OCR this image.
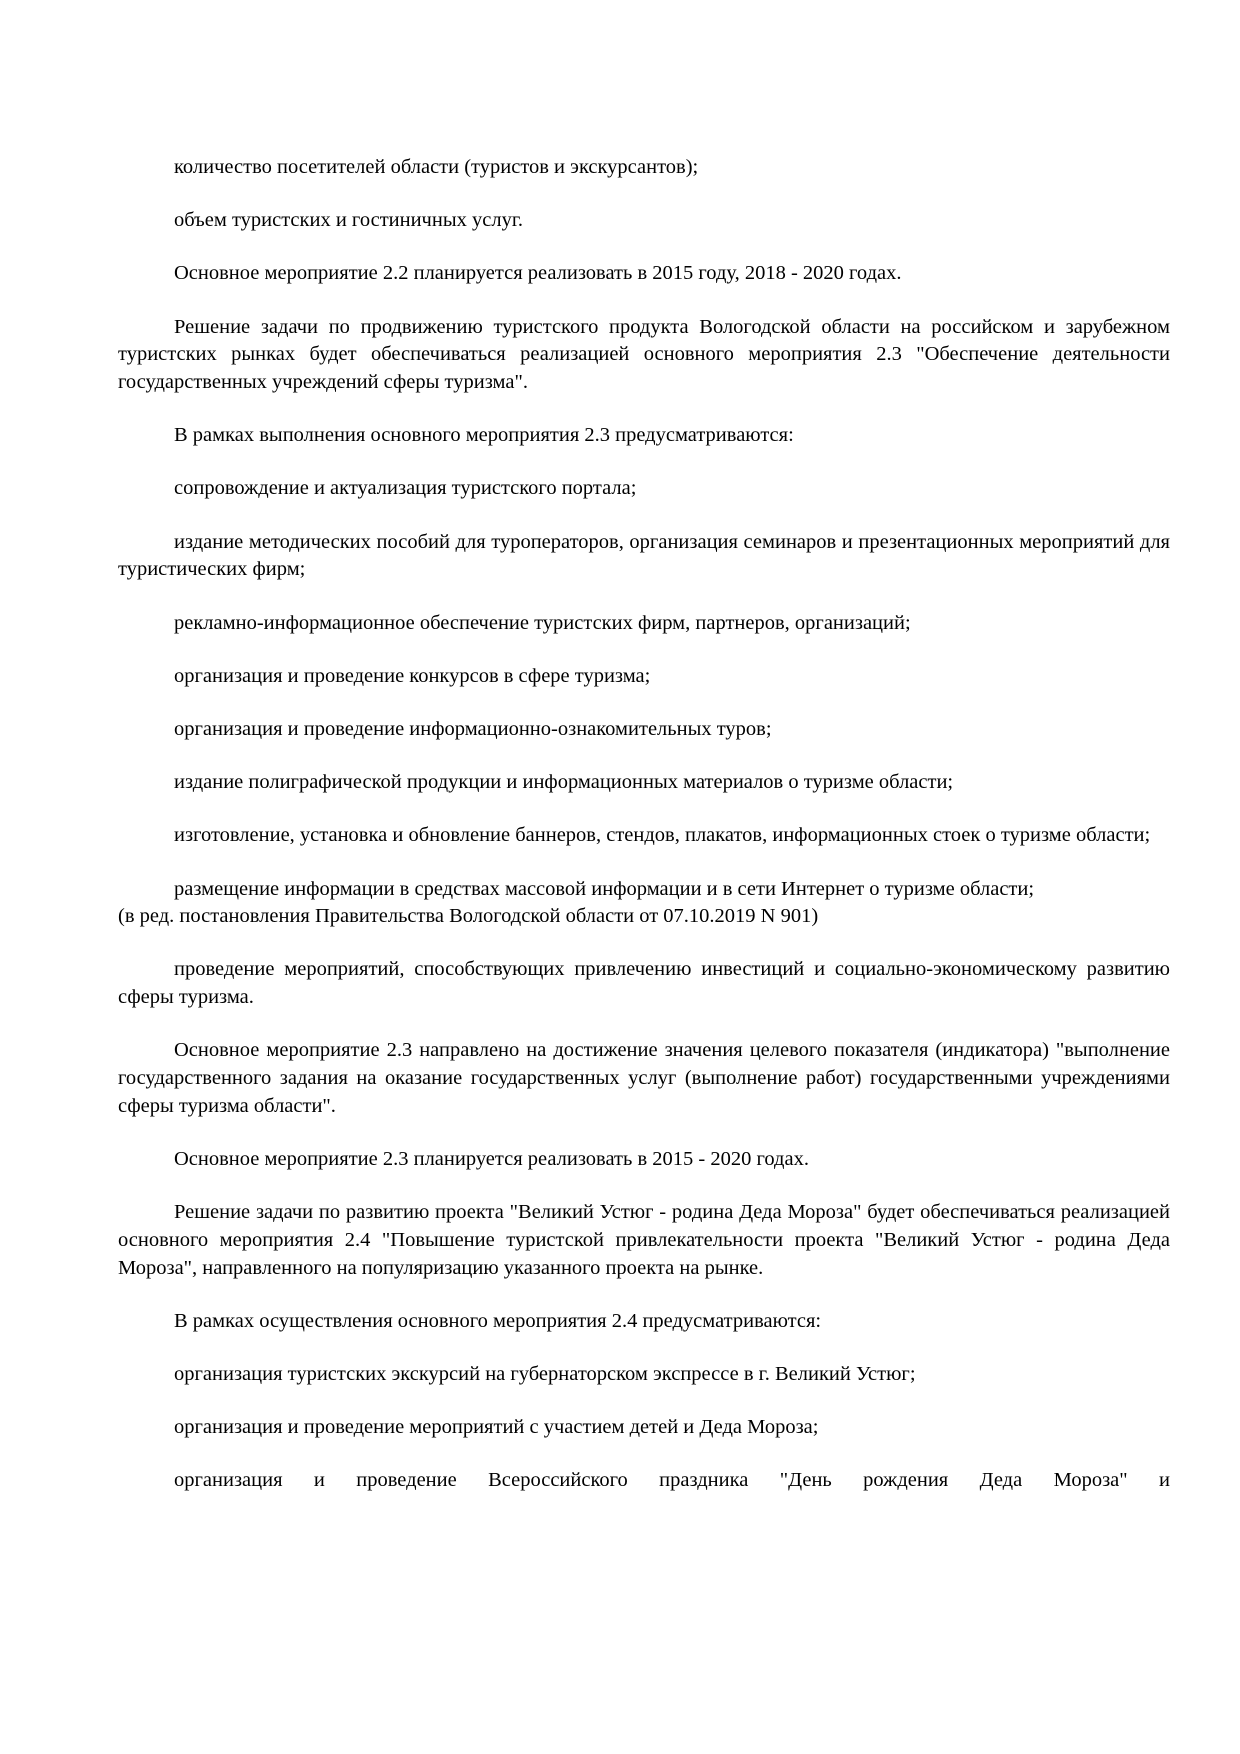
количество посетителей области (туристов и экскурсантов);

объем туристских и гостиничных услуг.

Основное мероприятие 2.2 планируется реализовать в 2015 году, 2018 - 2020 годах.

Решение задачи по продвижению туристского продукта Вологодской области на российском и зарубежном туристских рынках будет обеспечиваться реализацией основного мероприятия 2.3 "Обеспечение деятельности государственных учреждений сферы туризма".

В рамках выполнения основного мероприятия 2.3 предусматриваются:

сопровождение и актуализация туристского портала;

издание методических пособий для туроператоров, организация семинаров и презентационных мероприятий для туристических фирм;

рекламно-информационное обеспечение туристских фирм, партнеров, организаций;

организация и проведение конкурсов в сфере туризма;

организация и проведение информационно-ознакомительных туров;

издание полиграфической продукции и информационных материалов о туризме области;

изготовление, установка и обновление баннеров, стендов, плакатов, информационных стоек о туризме области;

размещение информации в средствах массовой информации и в сети Интернет о туризме области;

(в ред. постановления Правительства Вологодской области от 07.10.2019 N 901)

проведение мероприятий, способствующих привлечению инвестиций и социально-экономическому развитию сферы туризма.

Основное мероприятие 2.3 направлено на достижение значения целевого показателя (индикатора) "выполнение государственного задания на оказание государственных услуг (выполнение работ) государственными учреждениями сферы туризма области".

Основное мероприятие 2.3 планируется реализовать в 2015 - 2020 годах.

Решение задачи по развитию проекта "Великий Устюг - родина Деда Мороза" будет обеспечиваться реализацией основного мероприятия 2.4 "Повышение туристской привлекательности проекта "Великий Устюг - родина Деда Мороза", направленного на популяризацию указанного проекта на рынке.

В рамках осуществления основного мероприятия 2.4 предусматриваются:

организация туристских экскурсий на губернаторском экспрессе в г. Великий Устюг;

организация и проведение мероприятий с участием детей и Деда Мороза;

организация и проведение Всероссийского праздника "День рождения Деда Мороза" и
